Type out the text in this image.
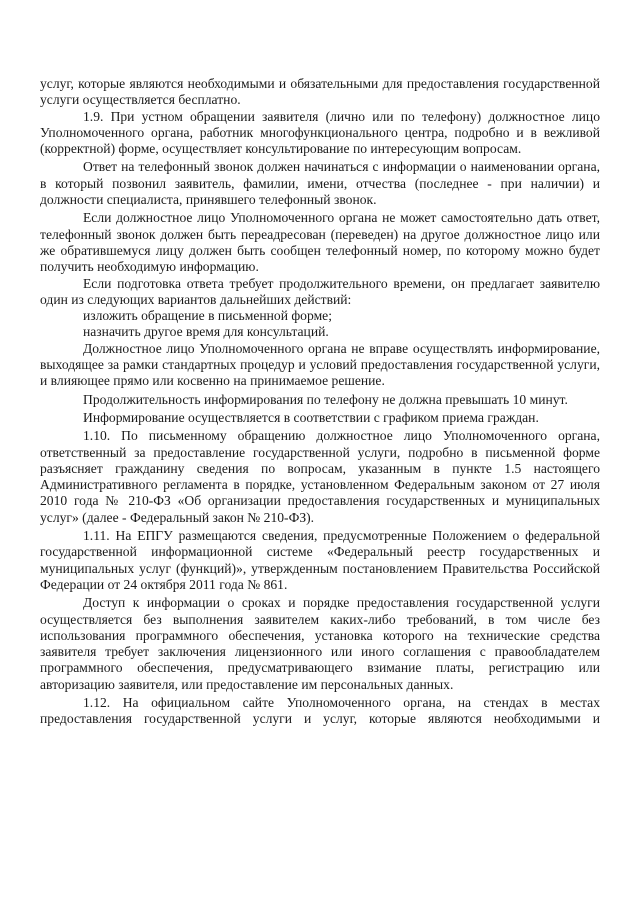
услуг, которые являются необходимыми и обязательными для предоставления государственной услуги осуществляется бесплатно.

1.9. При устном обращении заявителя (лично или по телефону) должностное лицо Уполномоченного органа, работник многофункционального центра, подробно и в вежливой (корректной) форме, осуществляет консультирование по интересующим вопросам.

Ответ на телефонный звонок должен начинаться с информации о наименовании органа, в который позвонил заявитель, фамилии, имени, отчества (последнее - при наличии) и должности специалиста, принявшего телефонный звонок.

Если должностное лицо Уполномоченного органа не может самостоятельно дать ответ, телефонный звонок должен быть переадресован (переведен) на другое должностное лицо или же обратившемуся лицу должен быть сообщен телефонный номер, по которому можно будет получить необходимую информацию.

Если подготовка ответа требует продолжительного времени, он предлагает заявителю один из следующих вариантов дальнейших действий:

изложить обращение в письменной форме;

назначить другое время для консультаций.

Должностное лицо Уполномоченного органа не вправе осуществлять информирование, выходящее за рамки стандартных процедур и условий предоставления государственной услуги, и влияющее прямо или косвенно на принимаемое решение.

Продолжительность информирования по телефону не должна превышать 10 минут.

Информирование осуществляется в соответствии с графиком приема граждан.

1.10. По письменному обращению должностное лицо Уполномоченного органа, ответственный за предоставление государственной услуги, подробно в письменной форме разъясняет гражданину сведения по вопросам, указанным в пункте 1.5 настоящего Административного регламента в порядке, установленном Федеральным законом от 27 июля 2010 года № 210-ФЗ «Об организации предоставления государственных и муниципальных услуг» (далее - Федеральный закон № 210-ФЗ).

1.11. На ЕПГУ размещаются сведения, предусмотренные Положением о федеральной государственной информационной системе «Федеральный реестр государственных и муниципальных услуг (функций)», утвержденным постановлением Правительства Российской Федерации от 24 октября 2011 года № 861.

Доступ к информации о сроках и порядке предоставления государственной услуги осуществляется без выполнения заявителем каких-либо требований, в том числе без использования программного обеспечения, установка которого на технические средства заявителя требует заключения лицензионного или иного соглашения с правообладателем программного обеспечения, предусматривающего взимание платы, регистрацию или авторизацию заявителя, или предоставление им персональных данных.

1.12. На официальном сайте Уполномоченного органа, на стендах в местах предоставления государственной услуги и услуг, которые являются необходимыми и
